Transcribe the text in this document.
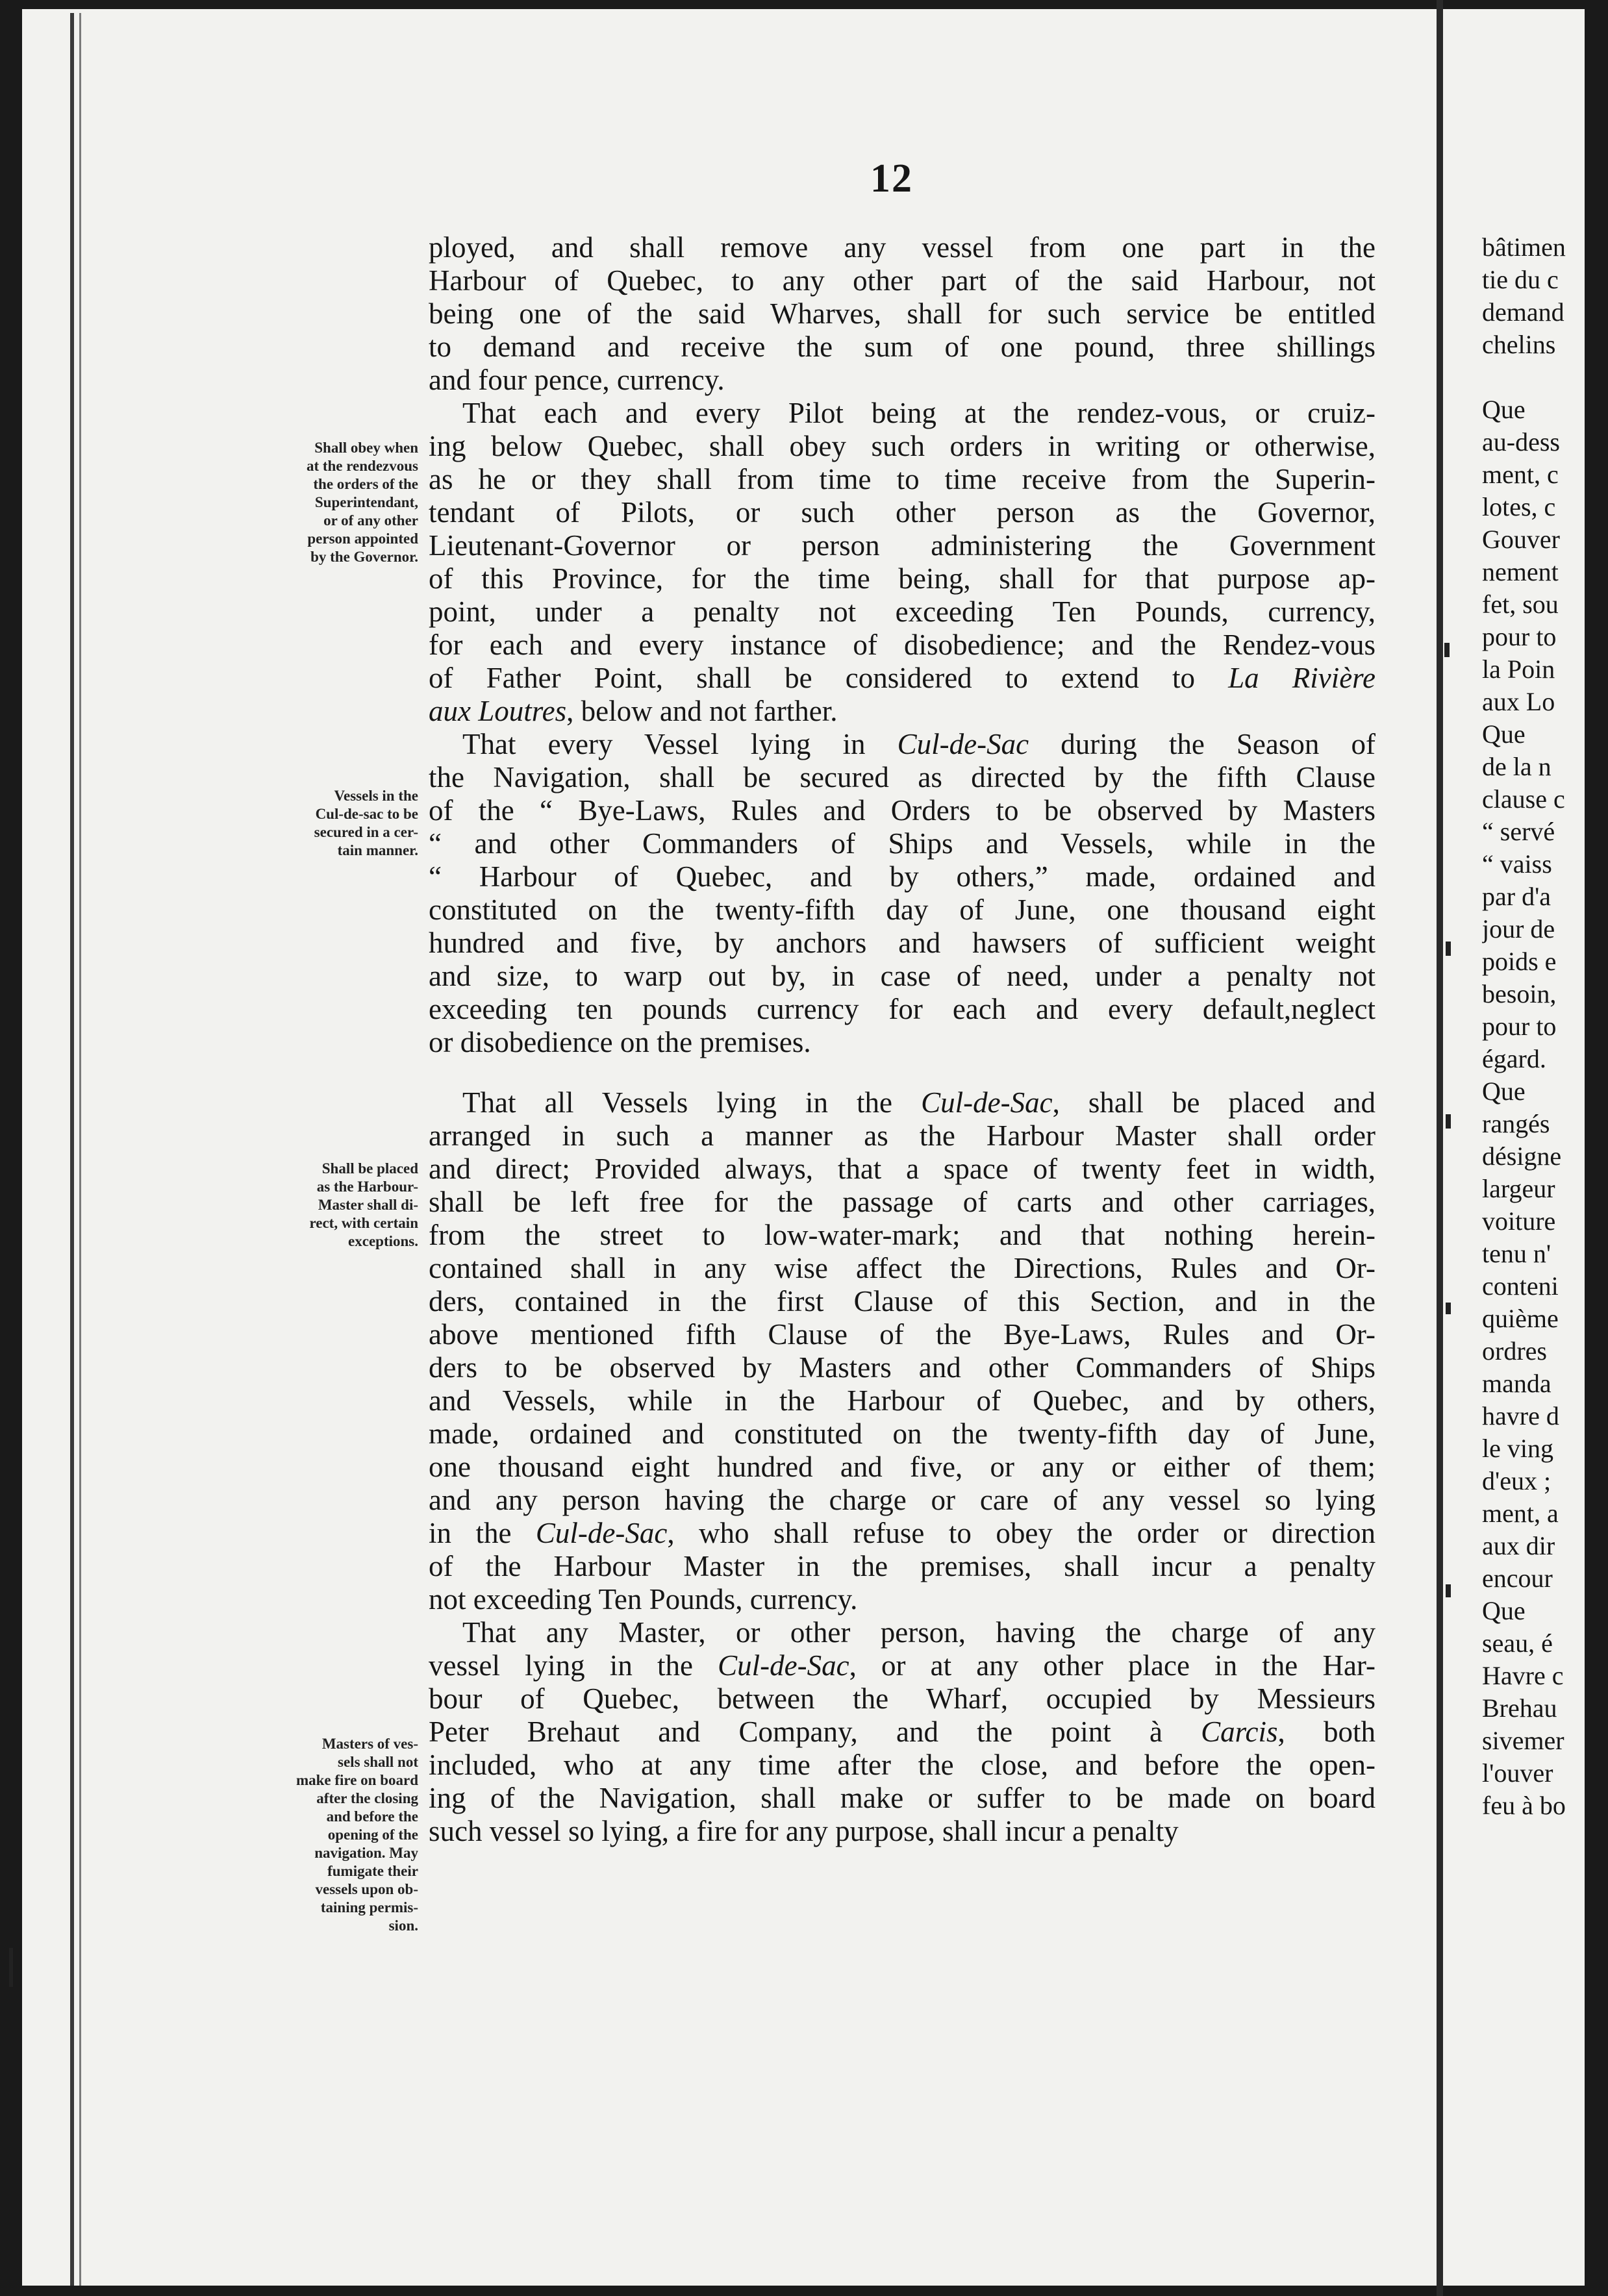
12
Shall obey when
at the rendezvous
the orders of the
Superintendant,
or of any other
person appointed
by the Governor.
Vessels in the
Cul-de-sac to be
secured in a cer-
tain manner.
Shall be placed
as the Harbour-
Master shall di-
rect, with certain
exceptions.
Masters of ves-
sels shall not
make fire on board
after the closing
and before the
opening of the
navigation. May
fumigate their
vessels upon ob-
taining permis-
sion.
ployed, and shall remove any vessel from one part in the
Harbour of Quebec, to any other part of the said Harbour, not
being one of the said Wharves, shall for such service be entitled
to demand and receive the sum of one pound, three shillings
and four pence, currency.
That each and every Pilot being at the rendez-vous, or cruiz-
ing below Quebec, shall obey such orders in writing or otherwise,
as he or they shall from time to time receive from the Superin-
tendant of Pilots, or such other person as the Governor,
Lieutenant-Governor or person administering the Government
of this Province, for the time being, shall for that purpose ap-
point, under a penalty not exceeding Ten Pounds, currency,
for each and every instance of disobedience; and the Rendez-vous
of Father Point, shall be considered to extend to La Rivière
aux Loutres, below and not farther.
That every Vessel lying in Cul-de-Sac during the Season of
the Navigation, shall be secured as directed by the fifth Clause
of the “ Bye-Laws, Rules and Orders to be observed by Masters
“ and other Commanders of Ships and Vessels, while in the
“ Harbour of Quebec, and by others,” made, ordained and
constituted on the twenty-fifth day of June, one thousand eight
hundred and five, by anchors and hawsers of sufficient weight
and size, to warp out by, in case of need, under a penalty not
exceeding ten pounds currency for each and every default,neglect
or disobedience on the premises.
That all Vessels lying in the Cul-de-Sac, shall be placed and
arranged in such a manner as the Harbour Master shall order
and direct; Provided always, that a space of twenty feet in width,
shall be left free for the passage of carts and other carriages,
from the street to low-water-mark; and that nothing herein-
contained shall in any wise affect the Directions, Rules and Or-
ders, contained in the first Clause of this Section, and in the
above mentioned fifth Clause of the Bye-Laws, Rules and Or-
ders to be observed by Masters and other Commanders of Ships
and Vessels, while in the Harbour of Quebec, and by others,
made, ordained and constituted on the twenty-fifth day of June,
one thousand eight hundred and five, or any or either of them;
and any person having the charge or care of any vessel so lying
in the Cul-de-Sac, who shall refuse to obey the order or direction
of the Harbour Master in the premises, shall incur a penalty
not exceeding Ten Pounds, currency.
That any Master, or other person, having the charge of any
vessel lying in the Cul-de-Sac, or at any other place in the Har-
bour of Quebec, between the Wharf, occupied by Messieurs
Peter Brehaut and Company, and the point à Carcis, both
included, who at any time after the close, and before the open-
ing of the Navigation, shall make or suffer to be made on board
such vessel so lying, a fire for any purpose, shall incur a penalty
bâtimen
tie du c
demand
chelins
Que
au-dess
ment, c
lotes, c
Gouver
nement
fet, sou
pour to
la Poin
aux Lo
Que
de la n
clause c
“ servé
“ vaiss
par d'a
jour de
poids e
besoin,
pour to
égard.
Que
rangés
désigne
largeur
voiture
tenu n'
conteni
quième
ordres
manda
havre d
le ving
d'eux ;
ment, a
aux dir
encour
Que
seau, é
Havre c
Brehau
sivemer
l'ouver
feu à bo
